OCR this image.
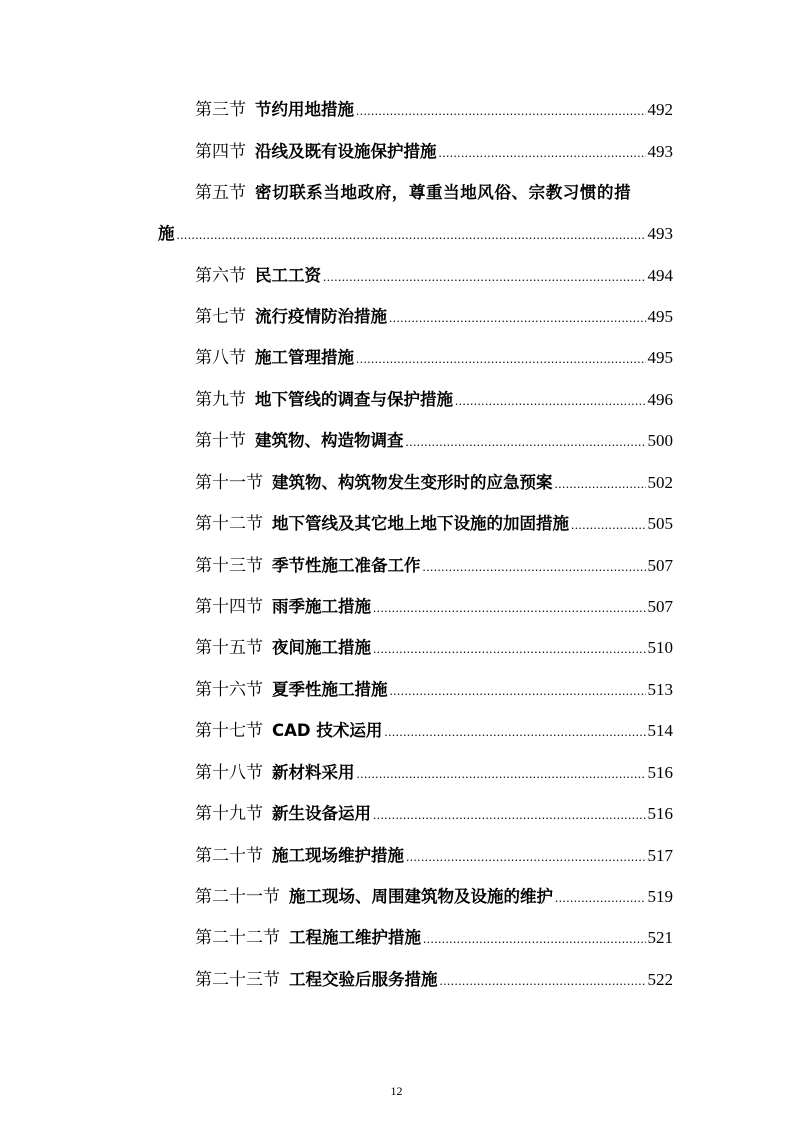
第三节 节约用地措施 .....	492
第四节 沿线及既有设施保护措施 .....	493
第五节 密切联系当地政府，尊重当地风俗、宗教习惯的措
施 .....	493
第六节 民工工资 .....	494
第七节 流行疫情防治措施 .....	495
第八节 施工管理措施 .....	495
第九节 地下管线的调查与保护措施 .....	496
第十节 建筑物、构造物调查 .....	500
第十一节 建筑物、构筑物发生变形时的应急预案 .....	502
第十二节 地下管线及其它地上地下设施的加固措施 .....	505
第十三节 季节性施工准备工作 .....	507
第十四节 雨季施工措施 .....	507
第十五节 夜间施工措施 .....	510
第十六节 夏季性施工措施 .....	513
第十七节 CAD 技术运用 .....	514
第十八节 新材料采用 .....	516
第十九节 新生设备运用 .....	516
第二十节 施工现场维护措施 .....	517
第二十一节 施工现场、周围建筑物及设施的维护 .....	519
第二十二节 工程施工维护措施 .....	521
第二十三节 工程交验后服务措施 .....	522
12
